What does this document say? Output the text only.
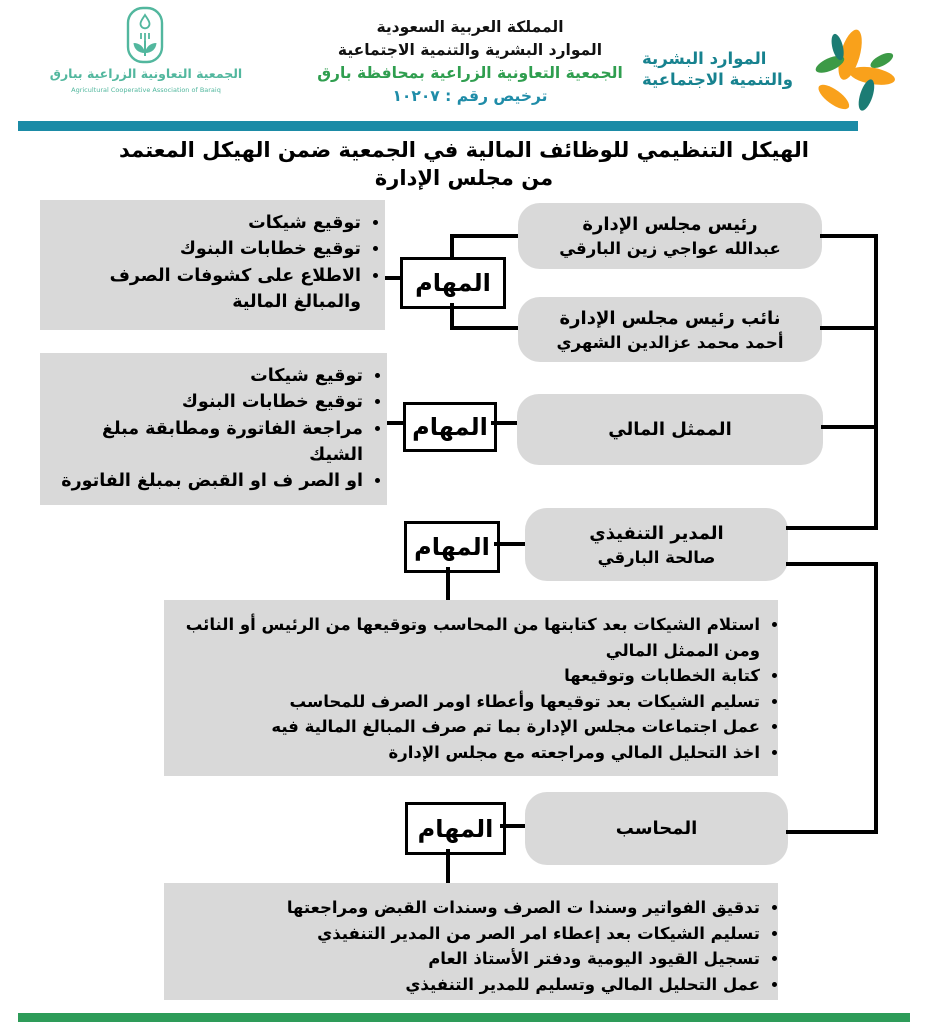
الجمعية التعاونية الزراعية ببارق
Agricultural Cooperative Association of Baraiq
المملكة العربية السعودية
الموارد البشرية والتنمية الاجتماعية
الجمعية التعاونية الزراعية بمحافظة بارق
ترخيص رقم : ١٠٢٠٧
الموارد البشرية
والتنمية الاجتماعية
الهيكل التنظيمي للوظائف المالية في الجمعية ضمن الهيكل المعتمد
من مجلس الإدارة
• توقيع شيكات
• توقيع خطابات البنوك
• الاطلاع على كشوفات الصرف والمبالغ المالية
• توقيع شيكات
• توقيع خطابات البنوك
• مراجعة الفاتورة ومطابقة مبلغ الشيك
• او الصر ف او القبض بمبلغ الفاتورة
• استلام الشيكات بعد كتابتها من المحاسب وتوقيعها من الرئيس أو النائب ومن الممثل المالي
• كتابة الخطابات وتوقيعها
• تسليم الشيكات بعد توقيعها وأعطاء اومر الصرف للمحاسب
• عمل اجتماعات مجلس الإدارة بما تم صرف المبالغ المالية فيه
• اخذ التحليل المالي ومراجعته مع مجلس الإدارة
• تدقيق الفواتير وسندا ت الصرف وسندات القبض ومراجعتها
• تسليم الشيكات بعد إعطاء امر الصر من المدير التنفيذي
• تسجيل القيود اليومية ودفتر الأستاذ العام
• عمل التحليل المالي وتسليم للمدير التنفيذي
رئيس مجلس الإدارة
عبدالله عواجي زين البارقي
نائب رئيس مجلس الإدارة
أحمد محمد عزالدين الشهري
الممثل المالي
المدير التنفيذي
صالحة البارقي
المحاسب
المهام
المهام
المهام
المهام
